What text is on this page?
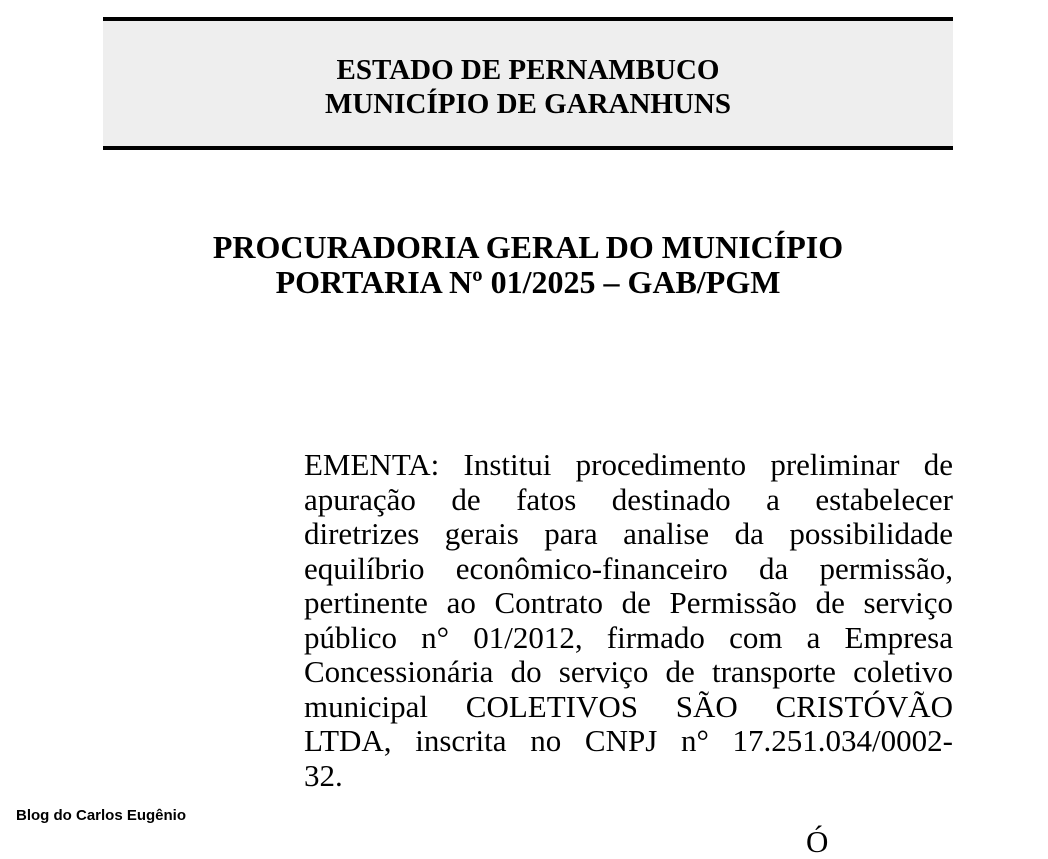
ESTADO DE PERNAMBUCO
MUNICÍPIO DE GARANHUNS
PROCURADORIA GERAL DO MUNICÍPIO
PORTARIA Nº 01/2025 – GAB/PGM
EMENTA: Institui procedimento preliminar de
apuração de fatos destinado a estabelecer
diretrizes gerais para analise da possibilidade
equilíbrio econômico-financeiro da permissão,
pertinente ao Contrato de Permissão de serviço
público n° 01/2012, firmado com a Empresa
Concessionária do serviço de transporte coletivo
municipal COLETIVOS SÃO CRISTÓVÃO
LTDA, inscrita no CNPJ n° 17.251.034/0002-
32.
Blog do Carlos Eugênio
Ó
